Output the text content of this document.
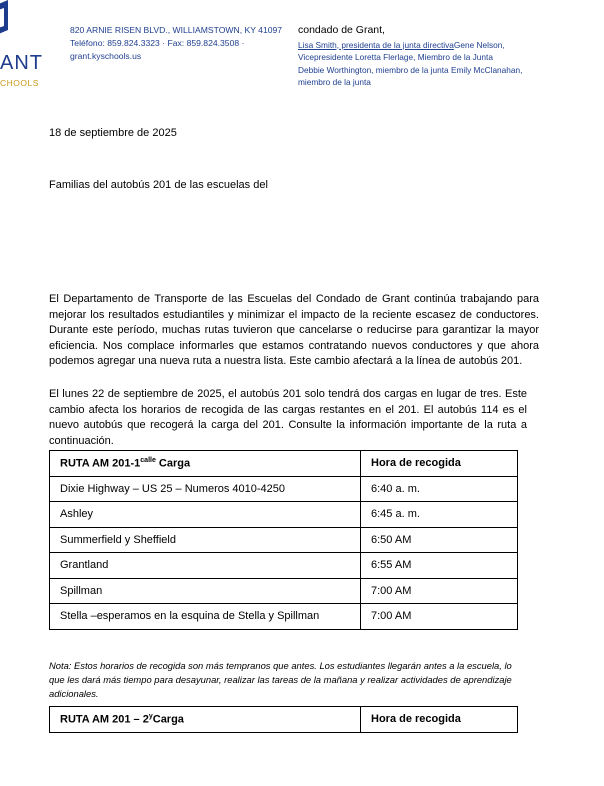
ANT
CHOOLS
820 ARNIE RISEN BLVD., WILLIAMSTOWN, KY 41097
Teléfono: 859.824.3323 · Fax: 859.824.3508 ·
grant.kyschools.us
condado de Grant,
Lisa Smith, presidenta de la junta directivaGene Nelson,
Vicepresidente Loretta Flerlage, Miembro de la Junta
Debbie Worthington, miembro de la junta Emily McClanahan,
miembro de la junta
18 de septiembre de 2025
Familias del autobús 201 de las escuelas del
El Departamento de Transporte de las Escuelas del Condado de Grant continúa trabajando para mejorar los resultados estudiantiles y minimizar el impacto de la reciente escasez de conductores. Durante este período, muchas rutas tuvieron que cancelarse o reducirse para garantizar la mayor eficiencia. Nos complace informarles que estamos contratando nuevos conductores y que ahora podemos agregar una nueva ruta a nuestra lista. Este cambio afectará a la línea de autobús 201.
El lunes 22 de septiembre de 2025, el autobús 201 solo tendrá dos cargas en lugar de tres. Este cambio afecta los horarios de recogida de las cargas restantes en el 201. El autobús 114 es el nuevo autobús que recogerá la carga del 201. Consulte la información importante de la ruta a continuación.
RUTA AM $201-1^{calle}$ Carga	Hora de recogida
Dixie Highway – US 25 – Numeros 4010-4250	6:40 a. m.
Ashley	6:45 a. m.
Summerfield y Sheffield	6:50 AM
Grantland	6:55 AM
Spillman	7:00 AM
Stella –esperamos en la esquina de Stella y Spillman	7:00 AM
Nota: Estos horarios de recogida son más tempranos que antes. Los estudiantes llegarán antes a la escuela, lo que les dará más tiempo para desayunar, realizar las tareas de la mañana y realizar actividades de aprendizaje adicionales.
RUTA AM 201 – 2$^y$Carga	Hora de recogida
